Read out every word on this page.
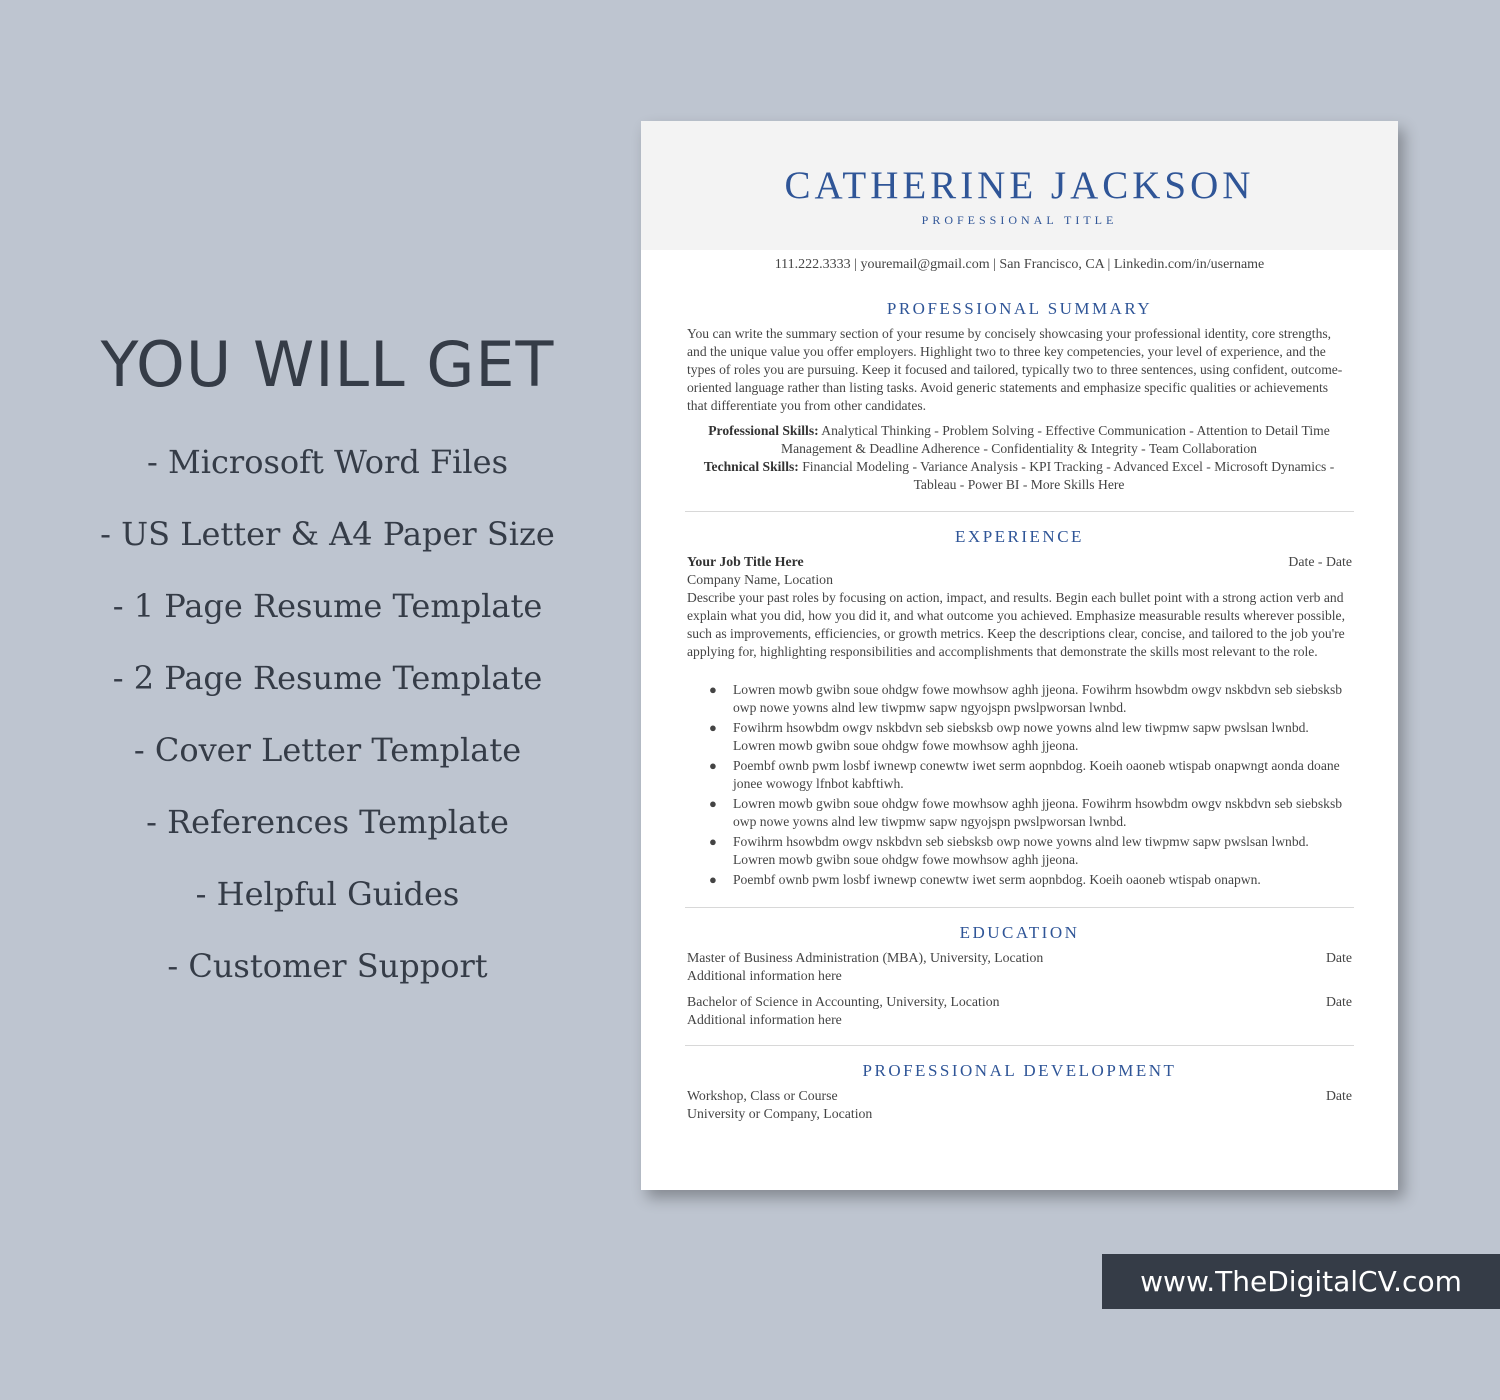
YOU WILL GET
- Microsoft Word Files
- US Letter & A4 Paper Size
- 1 Page Resume Template
- 2 Page Resume Template
- Cover Letter Template
- References Template
- Helpful Guides
- Customer Support
CATHERINE JACKSON
PROFESSIONAL TITLE
111.222.3333 | youremail@gmail.com | San Francisco, CA | Linkedin.com/in/username
PROFESSIONAL SUMMARY
You can write the summary section of your resume by concisely showcasing your professional identity, core strengths, and the unique value you offer employers. Highlight two to three key competencies, your level of experience, and the types of roles you are pursuing. Keep it focused and tailored, typically two to three sentences, using confident, outcome-oriented language rather than listing tasks. Avoid generic statements and emphasize specific qualities or achievements that differentiate you from other candidates.
Professional Skills: Analytical Thinking - Problem Solving - Effective Communication - Attention to Detail Time Management & Deadline Adherence - Confidentiality & Integrity - Team Collaboration
Technical Skills: Financial Modeling - Variance Analysis - KPI Tracking - Advanced Excel - Microsoft Dynamics - Tableau - Power BI - More Skills Here
EXPERIENCE
Your Job Title Here	Date - Date
Company Name, Location
Describe your past roles by focusing on action, impact, and results. Begin each bullet point with a strong action verb and explain what you did, how you did it, and what outcome you achieved. Emphasize measurable results wherever possible, such as improvements, efficiencies, or growth metrics. Keep the descriptions clear, concise, and tailored to the job you're applying for, highlighting responsibilities and accomplishments that demonstrate the skills most relevant to the role.
● Lowren mowb gwibn soue ohdgw fowe mowhsow aghh jjeona. Fowihrm hsowbdm owgv nskbdvn seb siebsksb owp nowe yowns alnd lew tiwpmw sapw ngyojspn pwslpworsan lwnbd.
● Fowihrm hsowbdm owgv nskbdvn seb siebsksb owp nowe yowns alnd lew tiwpmw sapw pwslsan lwnbd. Lowren mowb gwibn soue ohdgw fowe mowhsow aghh jjeona.
● Poembf ownb pwm losbf iwnewp conewtw iwet serm aopnbdog. Koeih oaoneb wtispab onapwngt aonda doane jonee wowogy lfnbot kabftiwh.
● Lowren mowb gwibn soue ohdgw fowe mowhsow aghh jjeona. Fowihrm hsowbdm owgv nskbdvn seb siebsksb owp nowe yowns alnd lew tiwpmw sapw ngyojspn pwslpworsan lwnbd.
● Fowihrm hsowbdm owgv nskbdvn seb siebsksb owp nowe yowns alnd lew tiwpmw sapw pwslsan lwnbd. Lowren mowb gwibn soue ohdgw fowe mowhsow aghh jjeona.
● Poembf ownb pwm losbf iwnewp conewtw iwet serm aopnbdog. Koeih oaoneb wtispab onapwn.
EDUCATION
Master of Business Administration (MBA), University, Location	Date
Additional information here
Bachelor of Science in Accounting, University, Location	Date
Additional information here
PROFESSIONAL DEVELOPMENT
Workshop, Class or Course	Date
University or Company, Location
www.TheDigitalCV.com
